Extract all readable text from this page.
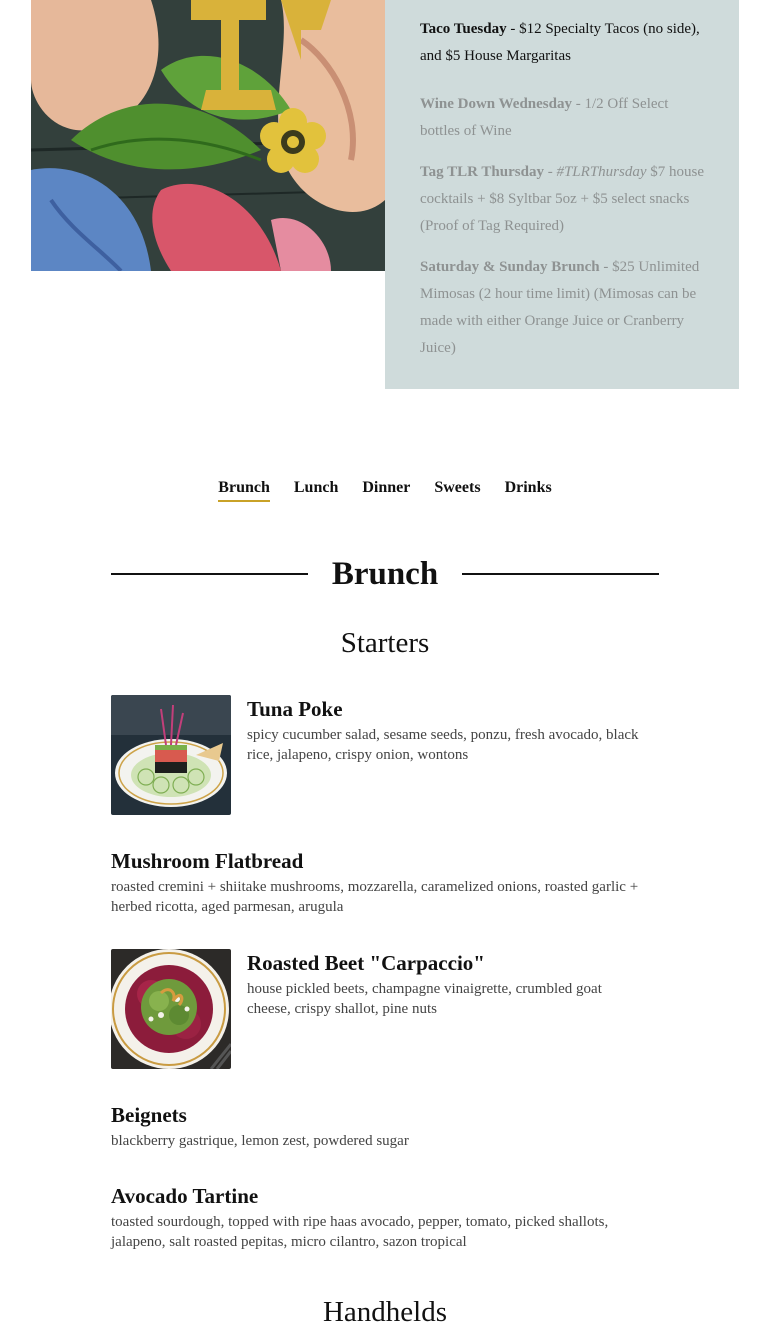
Taco Tuesday - $12 Specialty Tacos (no side), and $5 House Margaritas

Wine Down Wednesday - 1/2 Off Select bottles of Wine

Tag TLR Thursday - #TLRThursday $7 house cocktails + $8 Syltbar 5oz + $5 select snacks (Proof of Tag Required)

Saturday & Sunday Brunch - $25 Unlimited Mimosas (2 hour time limit) (Mimosas can be made with either Orange Juice or Cranberry Juice)

Brunch Lunch Dinner Sweets Drinks
Brunch
Starters
Tuna Poke
spicy cucumber salad, sesame seeds, ponzu, fresh avocado, black rice, jalapeno, crispy onion, wontons
Mushroom Flatbread
roasted cremini + shiitake mushrooms, mozzarella, caramelized onions, roasted garlic + herbed ricotta, aged parmesan, arugula
Roasted Beet "Carpaccio"
house pickled beets, champagne vinaigrette, crumbled goat cheese, crispy shallot, pine nuts
Beignets
blackberry gastrique, lemon zest, powdered sugar
Avocado Tartine
toasted sourdough, topped with ripe haas avocado, pepper, tomato, picked shallots, jalapeno, salt roasted pepitas, micro cilantro, sazon tropical
Handhelds
